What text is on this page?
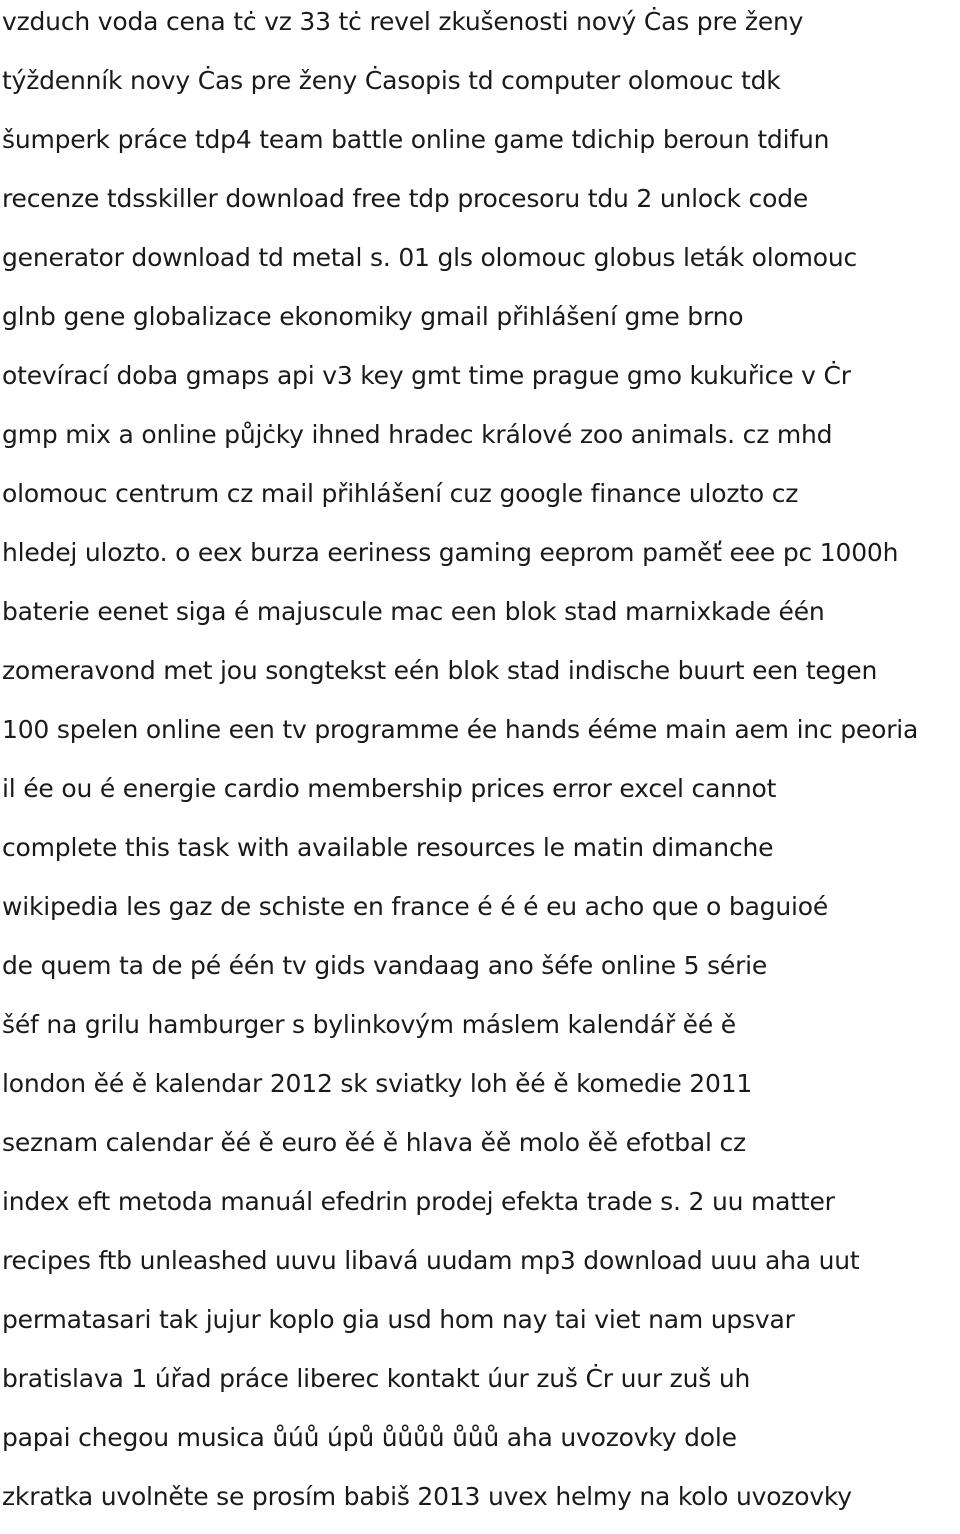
vzduch voda cena tċ vz 33 tċ revel zkušenosti nový Ċas pre ženy
týždenník novy Ċas pre ženy Ċasopis td computer olomouc tdk
šumperk práce tdp4 team battle online game tdichip beroun tdifun
recenze tdsskiller download free tdp procesoru tdu 2 unlock code
generator download td metal s. 01 gls olomouc globus leták olomouc
glnb gene globalizace ekonomiky gmail přihlášení gme brno
otevírací doba gmaps api v3 key gmt time prague gmo kukuřice v Ċr
gmp mix a online půjċky ihned hradec králové zoo animals. cz mhd
olomouc centrum cz mail přihlášení cuz google finance ulozto cz
hledej ulozto. o eex burza eeriness gaming eeprom paměť eee pc 1000h
baterie eenet siga é majuscule mac een blok stad marnixkade één
zomeravond met jou songtekst eén blok stad indische buurt een tegen
100 spelen online een tv programme ée hands ééme main aem inc peoria
il ée ou é energie cardio membership prices error excel cannot
complete this task with available resources le matin dimanche
wikipedia les gaz de schiste en france é é é eu acho que o baguioé
de quem ta de pé één tv gids vandaag ano šéfe online 5 série
šéf na grilu hamburger s bylinkovým máslem kalendář ěé ě
london ěé ě kalendar 2012 sk sviatky loh ěé ě komedie 2011
seznam calendar ěé ě euro ěé ě hlava ěě molo ěě efotbal cz
index eft metoda manuál efedrin prodej efekta trade s. 2 uu matter
recipes ftb unleashed uuvu libavá uudam mp3 download uuu aha uut
permatasari tak jujur koplo gia usd hom nay tai viet nam upsvar
bratislava 1 úřad práce liberec kontakt úur zuš Ċr uur zuš uh
papai chegou musica ůúů úpů ůůůů ůůů aha uvozovky dole
zkratka uvolněte se prosím babiš 2013 uvex helmy na kolo uvozovky
